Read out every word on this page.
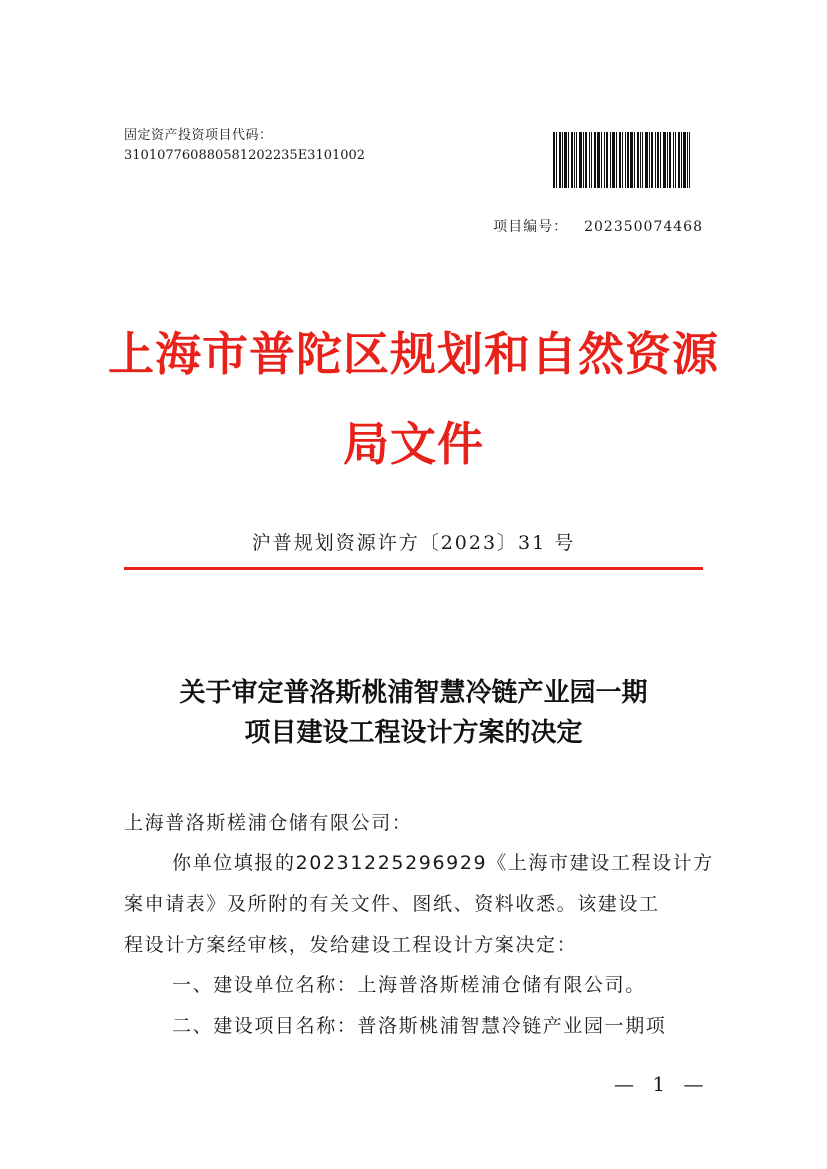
固定资产投资项目代码：
310107760880581202235E3101002
项目编号： 202350074468
上海市普陀区规划和自然资源
局文件
沪普规划资源许方〔2023〕31 号
关于审定普洛斯桃浦智慧冷链产业园一期
项目建设工程设计方案的决定
上海普洛斯槎浦仓储有限公司：
你单位填报的20231225296929《上海市建设工程设计方
案申请表》及所附的有关文件、图纸、资料收悉。该建设工
程设计方案经审核，发给建设工程设计方案决定：
一、建设单位名称：上海普洛斯槎浦仓储有限公司。
二、建设项目名称：普洛斯桃浦智慧冷链产业园一期项
— 1 —
